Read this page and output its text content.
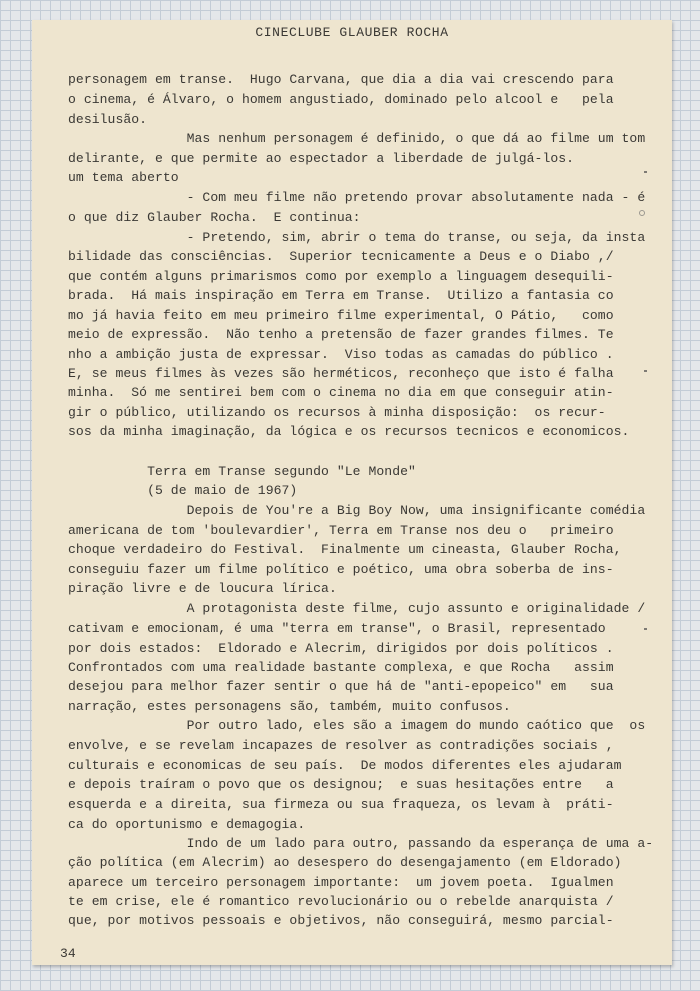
CINECLUBE GLAUBER ROCHA
personagem em transe.  Hugo Carvana, que dia a dia vai crescendo para
o cinema, é Álvaro, o homem angustiado, dominado pelo alcool e   pela
desilusão.
Mas nenhum personagem é definido, o que dá ao filme um tom
delirante, e que permite ao espectador a liberdade de julgá-los.
um tema aberto
- Com meu filme não pretendo provar absolutamente nada - é
o que diz Glauber Rocha.  E continua:
- Pretendo, sim, abrir o tema do transe, ou seja, da insta
bilidade das consciências.  Superior tecnicamente a Deus e o Diabo ,/
que contém alguns primarismos como por exemplo a linguagem desequili-
brada.  Há mais inspiração em Terra em Transe.  Utilizo a fantasia co
mo já havia feito em meu primeiro filme experimental, O Pátio,   como
meio de expressão.  Não tenho a pretensão de fazer grandes filmes. Te
nho a ambição justa de expressar.  Viso todas as camadas do público .
E, se meus filmes às vezes são herméticos, reconheço que isto é falha
minha.  Só me sentirei bem com o cinema no dia em que conseguir atin-
gir o público, utilizando os recursos à minha disposição:  os recur-
sos da minha imaginação, da lógica e os recursos tecnicos e economicos.
Terra em Transe segundo "Le Monde"
(5 de maio de 1967)
Depois de You're a Big Boy Now, uma insignificante comédia
americana de tom 'boulevardier', Terra em Transe nos deu o   primeiro
choque verdadeiro do Festival.  Finalmente um cineasta, Glauber Rocha,
conseguiu fazer um filme político e poético, uma obra soberba de ins-
piração livre e de loucura lírica.
A protagonista deste filme, cujo assunto e originalidade /
cativam e emocionam, é uma "terra em transe", o Brasil, representado
por dois estados:  Eldorado e Alecrim, dirigidos por dois políticos .
Confrontados com uma realidade bastante complexa, e que Rocha   assim
desejou para melhor fazer sentir o que há de "anti-epopeico" em   sua
narração, estes personagens são, também, muito confusos.
Por outro lado, eles são a imagem do mundo caótico que  os
envolve, e se revelam incapazes de resolver as contradições sociais ,
culturais e economicas de seu país.  De modos diferentes eles ajudaram
e depois traíram o povo que os designou;  e suas hesitações entre   a
esquerda e a direita, sua firmeza ou sua fraqueza, os levam à  práti-
ca do oportunismo e demagogia.
Indo de um lado para outro, passando da esperança de uma a-
ção política (em Alecrim) ao desespero do desengajamento (em Eldorado)
aparece um terceiro personagem importante:  um jovem poeta.  Igualmen
te em crise, ele é romantico revolucionário ou o rebelde anarquista /
que, por motivos pessoais e objetivos, não conseguirá, mesmo parcial-
34
